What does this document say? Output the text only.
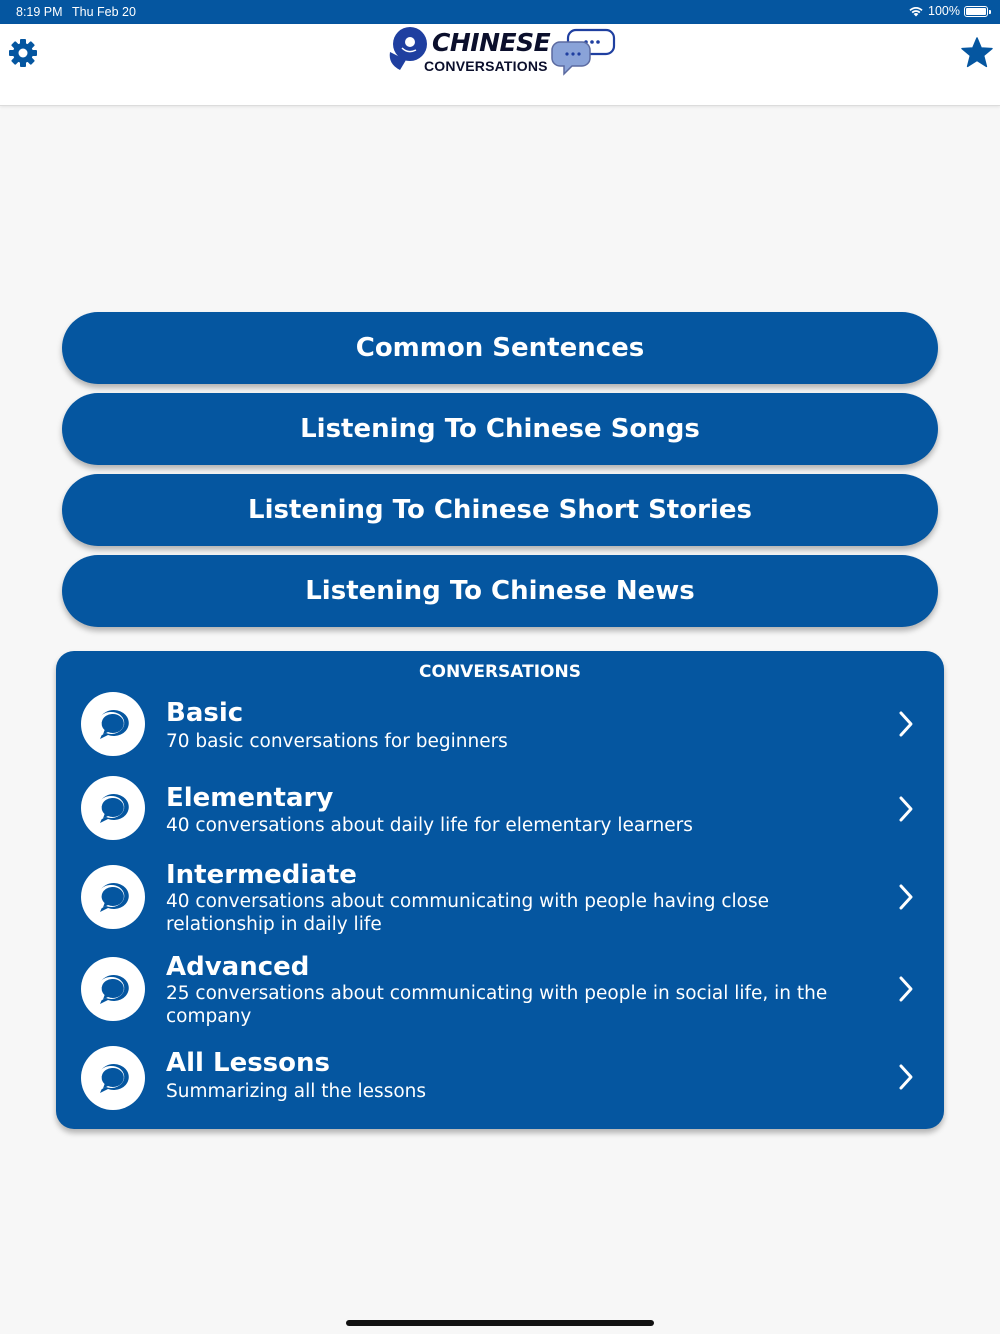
8:19 PM Thu Feb 20	100%
CHINESE
CONVERSATIONS
Common Sentences
Listening To Chinese Songs
Listening To Chinese Short Stories
Listening To Chinese News
CONVERSATIONS
Basic
70 basic conversations for beginners
Elementary
40 conversations about daily life for elementary learners
Intermediate
40 conversations about communicating with people having close relationship in daily life
Advanced
25 conversations about communicating with people in social life, in the company
All Lessons
Summarizing all the lessons
